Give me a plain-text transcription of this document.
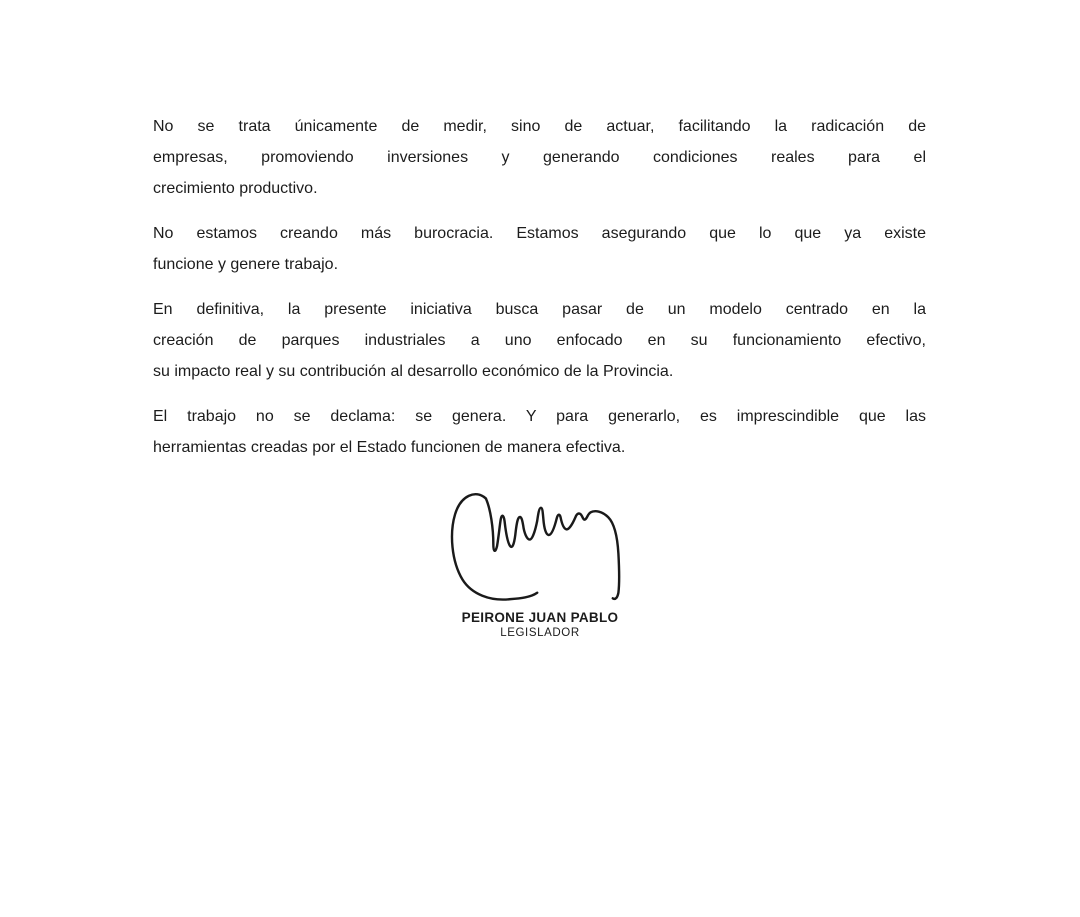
No se trata únicamente de medir, sino de actuar, facilitando la radicación de
empresas, promoviendo inversiones y generando condiciones reales para el
crecimiento productivo.
No estamos creando más burocracia. Estamos asegurando que lo que ya existe
funcione y genere trabajo.
En definitiva, la presente iniciativa busca pasar de un modelo centrado en la
creación de parques industriales a uno enfocado en su funcionamiento efectivo,
su impacto real y su contribución al desarrollo económico de la Provincia.
El trabajo no se declama: se genera. Y para generarlo, es imprescindible que las
herramientas creadas por el Estado funcionen de manera efectiva.
PEIRONE JUAN PABLO
LEGISLADOR
